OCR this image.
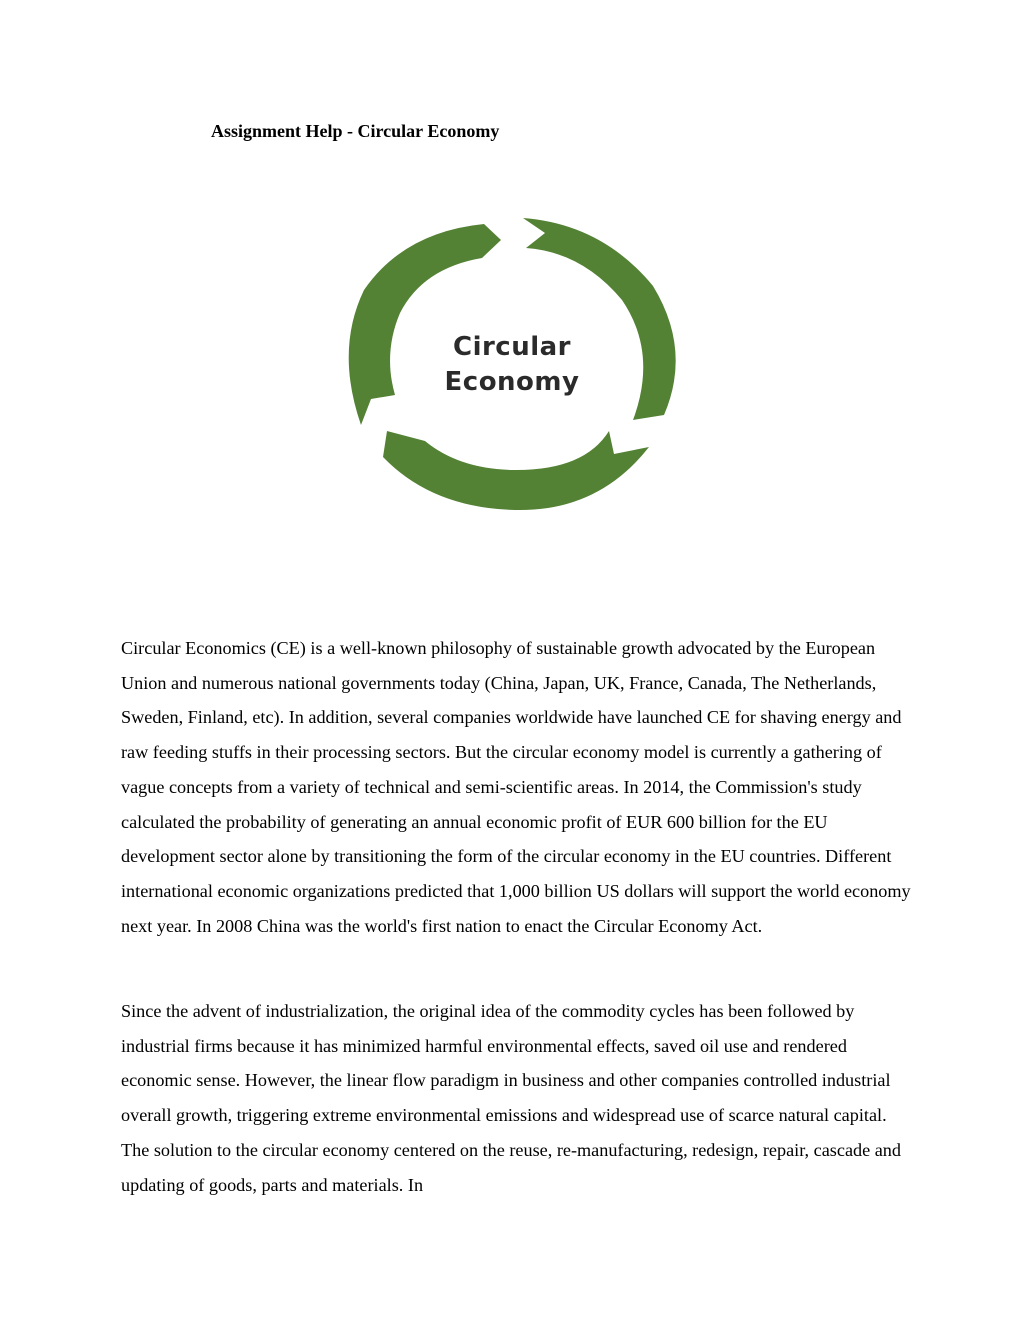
Assignment Help - Circular Economy
Circular
Economy

Circular Economics (CE) is a well-known philosophy of sustainable growth advocated by the European Union and numerous national governments today (China, Japan, UK, France, Canada, The Netherlands, Sweden, Finland, etc). In addition, several companies worldwide have launched CE for shaving energy and raw feeding stuffs in their processing sectors. But the circular economy model is currently a gathering of vague concepts from a variety of technical and semi-scientific areas. In 2014, the Commission's study calculated the probability of generating an annual economic profit of EUR 600 billion for the EU development sector alone by transitioning the form of the circular economy in the EU countries. Different international economic organizations predicted that 1,000 billion US dollars will support the world economy next year. In 2008 China was the world's first nation to enact the Circular Economy Act.

Since the advent of industrialization, the original idea of the commodity cycles has been followed by industrial firms because it has minimized harmful environmental effects, saved oil use and rendered economic sense. However, the linear flow paradigm in business and other companies controlled industrial overall growth, triggering extreme environmental emissions and widespread use of scarce natural capital. The solution to the circular economy centered on the reuse, re-manufacturing, redesign, repair, cascade and updating of goods, parts and materials. In
